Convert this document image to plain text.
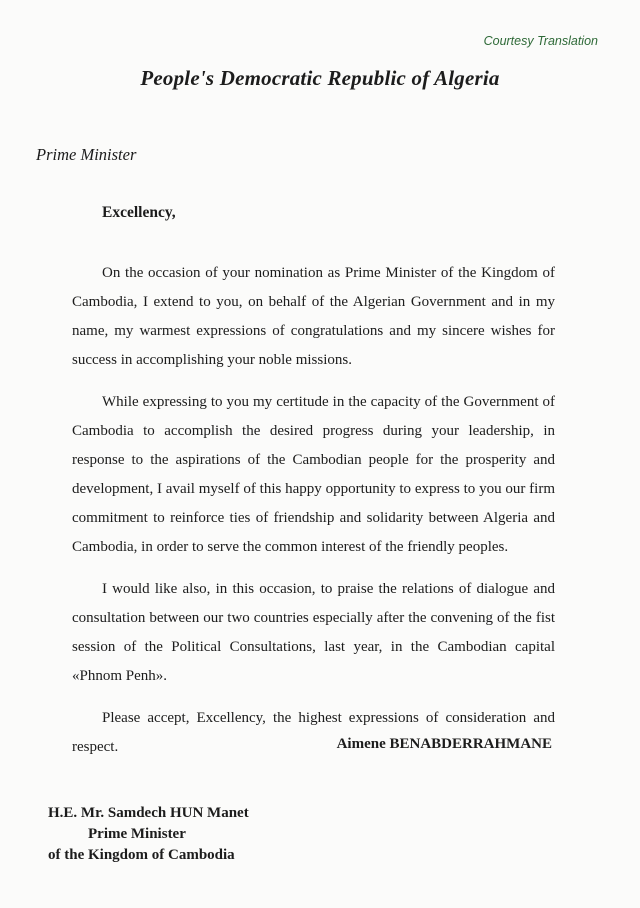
Courtesy Translation
People's Democratic Republic of Algeria
Prime Minister
Excellency,

On the occasion of your nomination as Prime Minister of the Kingdom of Cambodia, I extend to you, on behalf of the Algerian Government and in my name, my warmest expressions of congratulations and my sincere wishes for success in accomplishing your noble missions.

While expressing to you my certitude in the capacity of the Government of Cambodia to accomplish the desired progress during your leadership, in response to the aspirations of the Cambodian people for the prosperity and development, I avail myself of this happy opportunity to express to you our firm commitment to reinforce ties of friendship and solidarity between Algeria and Cambodia, in order to serve the common interest of the friendly peoples.

I would like also, in this occasion, to praise the relations of dialogue and consultation between our two countries especially after the convening of the fist session of the Political Consultations, last year, in the Cambodian capital «Phnom Penh».

Please accept, Excellency, the highest expressions of consideration and respect.	Aimene BENABDERRAHMANE
H.E. Mr. Samdech HUN Manet
Prime Minister
of the Kingdom of Cambodia
